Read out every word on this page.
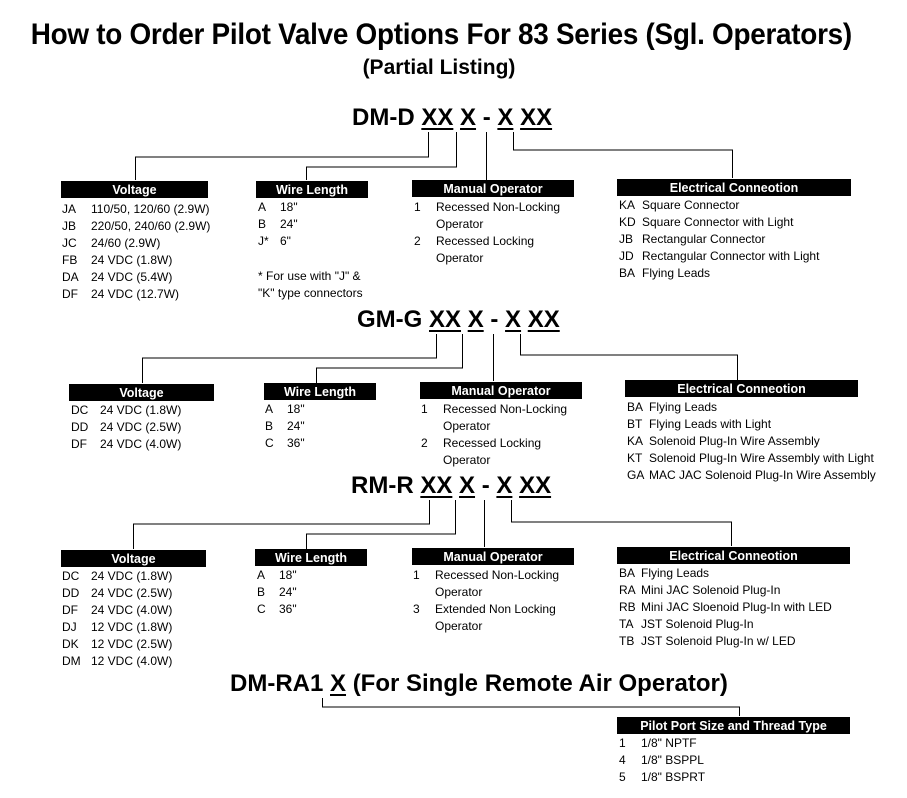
How to Order Pilot Valve Options For 83 Series (Sgl. Operators)
(Partial Listing)
DM-D XX X - X XX
Voltage
JA	110/50, 120/60 (2.9W)
JB	220/50, 240/60 (2.9W)
JC	24/60 (2.9W)
FB	24 VDC (1.8W)
DA	24 VDC (5.4W)
DF	24 VDC (12.7W)
Wire Length
A	18"
B	24"
J* 6"
* For use with "J" &
"K" type connectors
Manual Operator
1	Recessed Non-Locking
Operator
2	Recessed Locking
Operator
Electrical Conneotion
KA Square Connector
KD Square Connector with Light
JB Rectangular Connector
JD Rectangular Connector with Light
BA Flying Leads
GM-G XX X - X XX
Voltage
DC 24 VDC (1.8W)
DD 24 VDC (2.5W)
DF	24 VDC (4.0W)
Wire Length
A	18"
B	24"
C	36"
Manual Operator
1	Recessed Non-Locking
Operator
2	Recessed Locking
Operator
Electrical Conneotion
BA Flying Leads
BT Flying Leads with Light
KA Solenoid Plug-In Wire Assembly
KT Solenoid Plug-In Wire Assembly with Light
GA MAC JAC Solenoid Plug-In Wire Assembly
RM-R XX X - X XX
Voltage
DC 24 VDC (1.8W)
DD 24 VDC (2.5W)
DF	24 VDC (4.0W)
DJ	12 VDC (1.8W)
DK	12 VDC (2.5W)
DM 12 VDC (4.0W)
Wire Length
A	18"
B	24"
C	36"
Manual Operator
1	Recessed Non-Locking
Operator
3	Extended Non Locking
Operator
Electrical Conneotion
BA Flying Leads
RA Mini JAC Solenoid Plug-In
RB Mini JAC Sloenoid Plug-In with LED
TA JST Solenoid Plug-In
TB JST Solenoid Plug-In w/ LED
DM-RA1 X (For Single Remote Air Operator)
Pilot Port Size and Thread Type
1	1/8" NPTF
4	1/8" BSPPL
5	1/8" BSPRT
